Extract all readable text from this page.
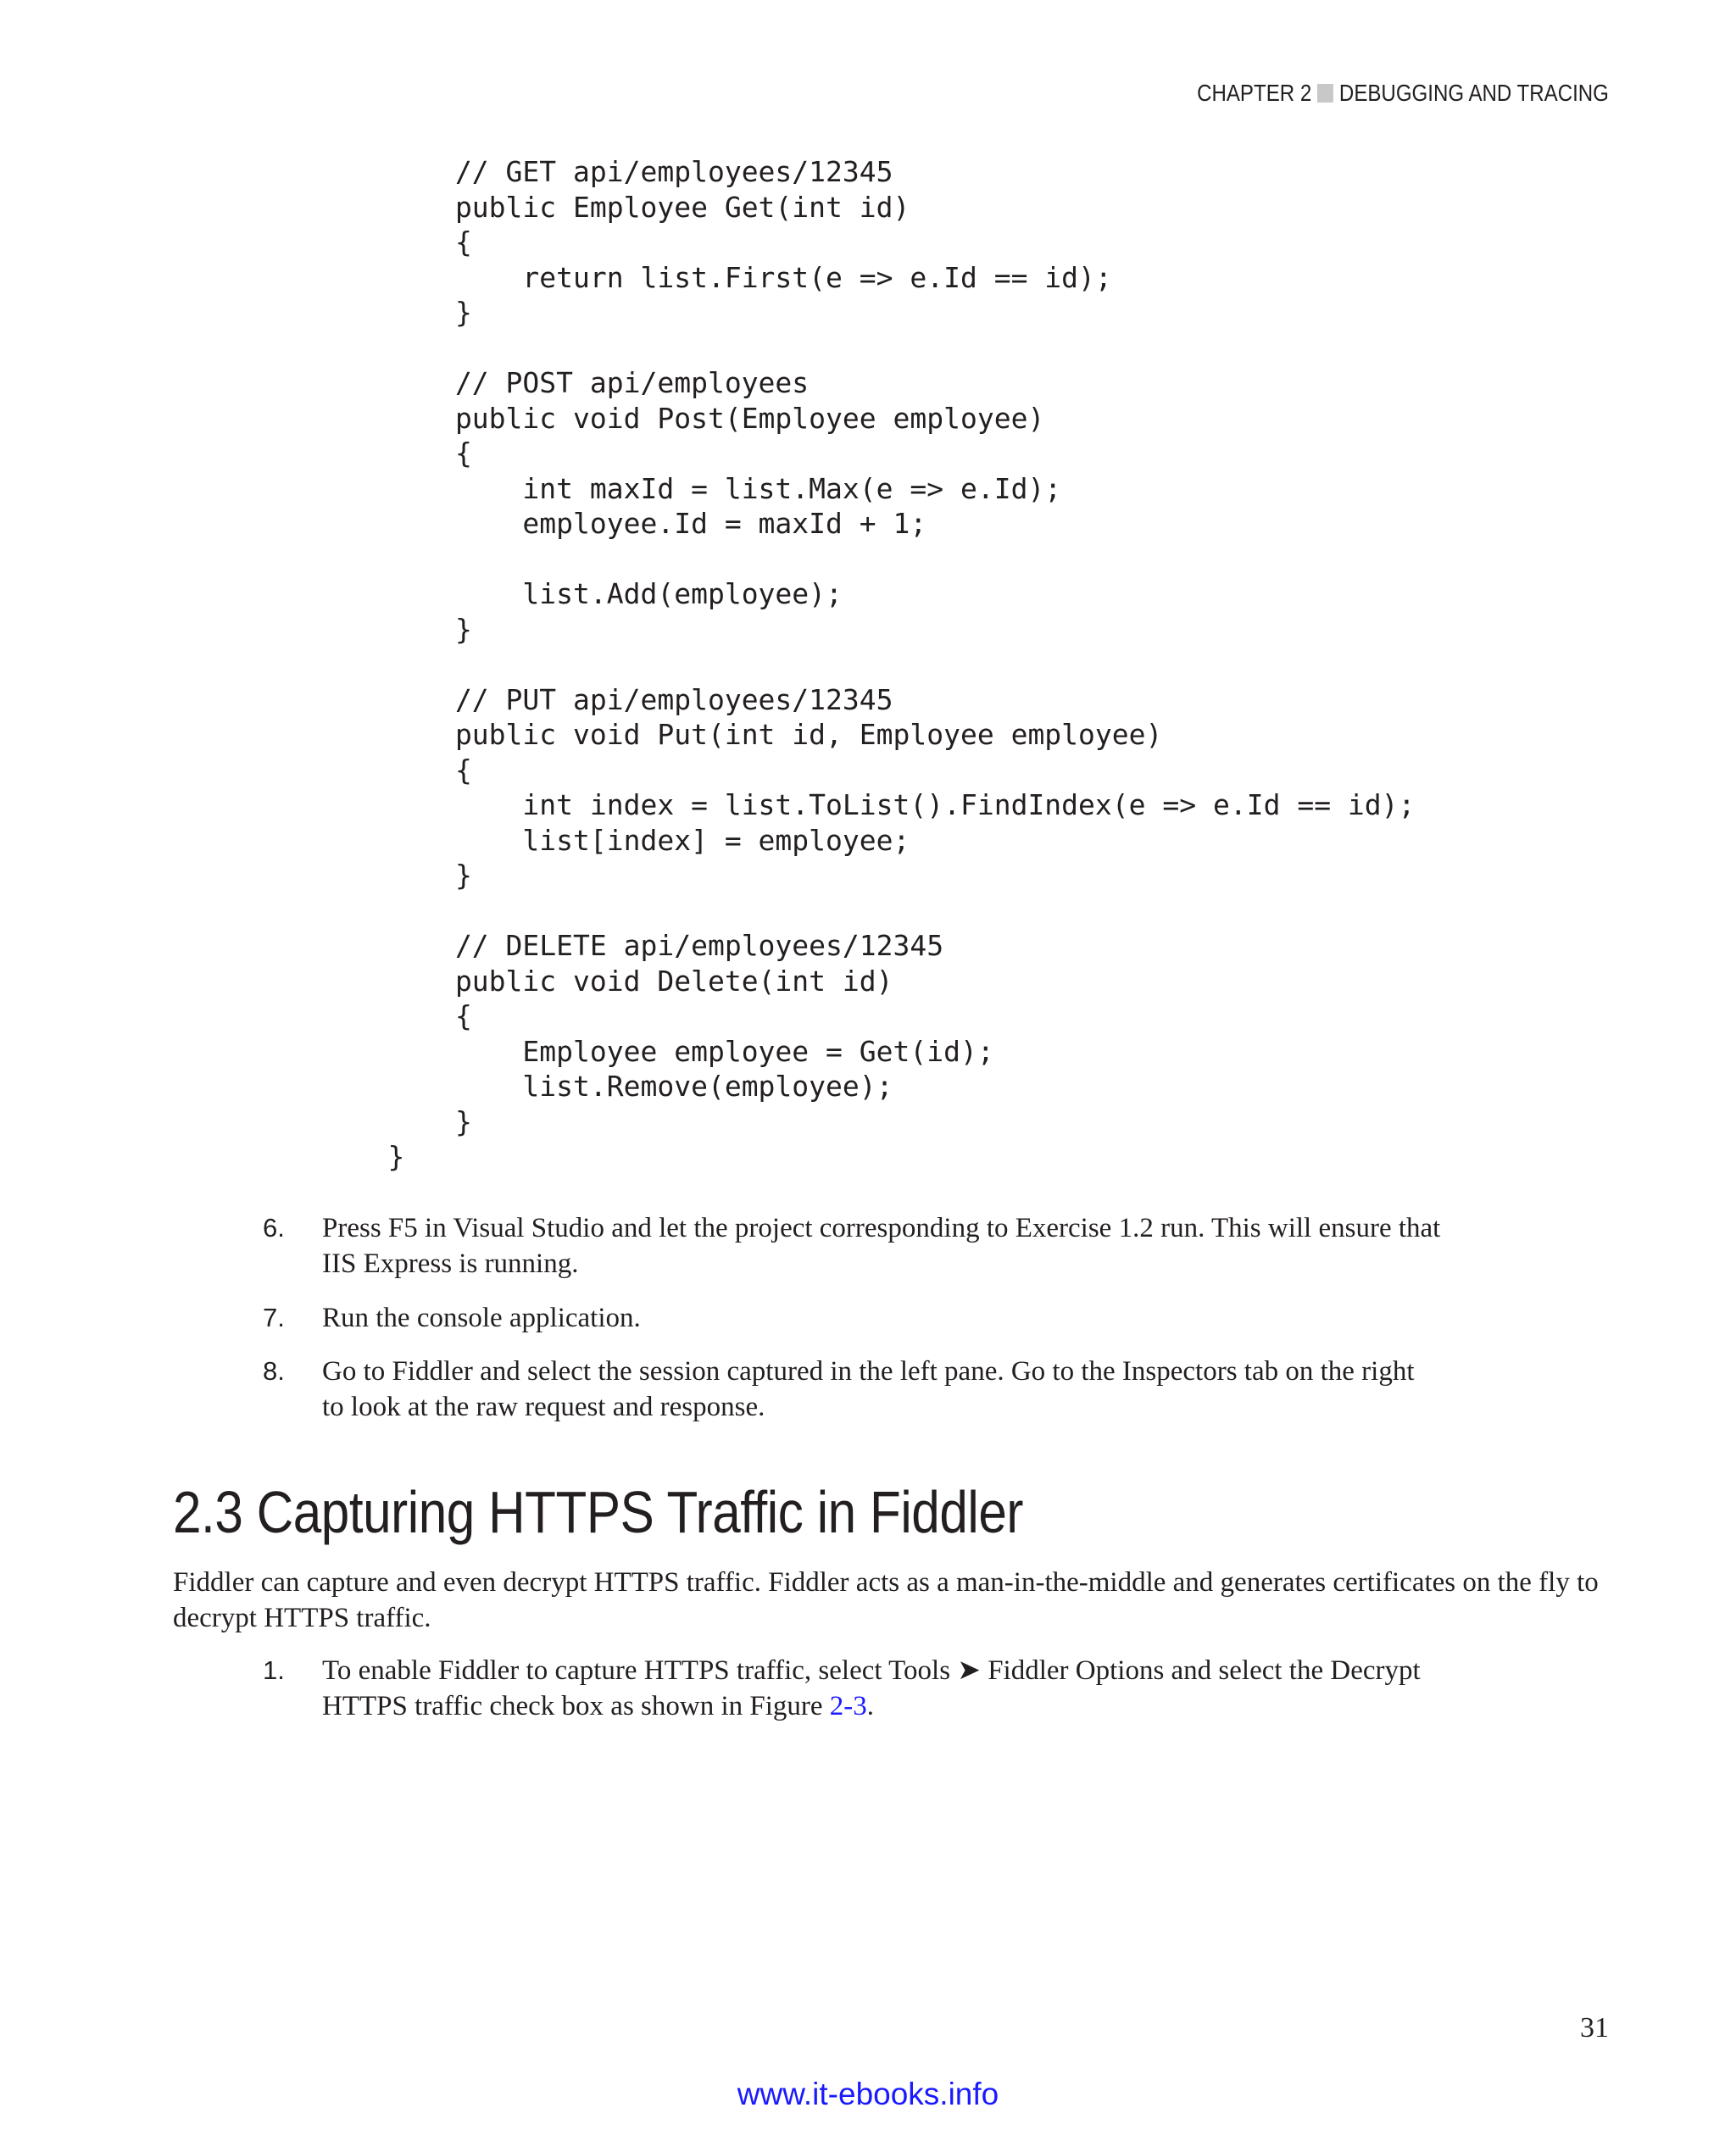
CHAPTER 2 DEBUGGING AND TRACING
// GET api/employees/12345
public Employee Get(int id)
{
return list.First(e => e.Id == id);
}

// POST api/employees
public void Post(Employee employee)
{
int maxId = list.Max(e => e.Id);
employee.Id = maxId + 1;

list.Add(employee);
}

// PUT api/employees/12345
public void Put(int id, Employee employee)
{
int index = list.ToList().FindIndex(e => e.Id == id);
list[index] = employee;
}

// DELETE api/employees/12345
public void Delete(int id)
{
Employee employee = Get(id);
list.Remove(employee);
}
}
6. Press F5 in Visual Studio and let the project corresponding to Exercise 1.2 run. This will ensure that IIS Express is running.
7. Run the console application.
8. Go to Fiddler and select the session captured in the left pane. Go to the Inspectors tab on the right to look at the raw request and response.
2.3 Capturing HTTPS Traffic in Fiddler
Fiddler can capture and even decrypt HTTPS traffic. Fiddler acts as a man-in-the-middle and generates certificates on the fly to decrypt HTTPS traffic.
1. To enable Fiddler to capture HTTPS traffic, select Tools ➤ Fiddler Options and select the Decrypt HTTPS traffic check box as shown in Figure 2-3.
31
www.it-ebooks.info
